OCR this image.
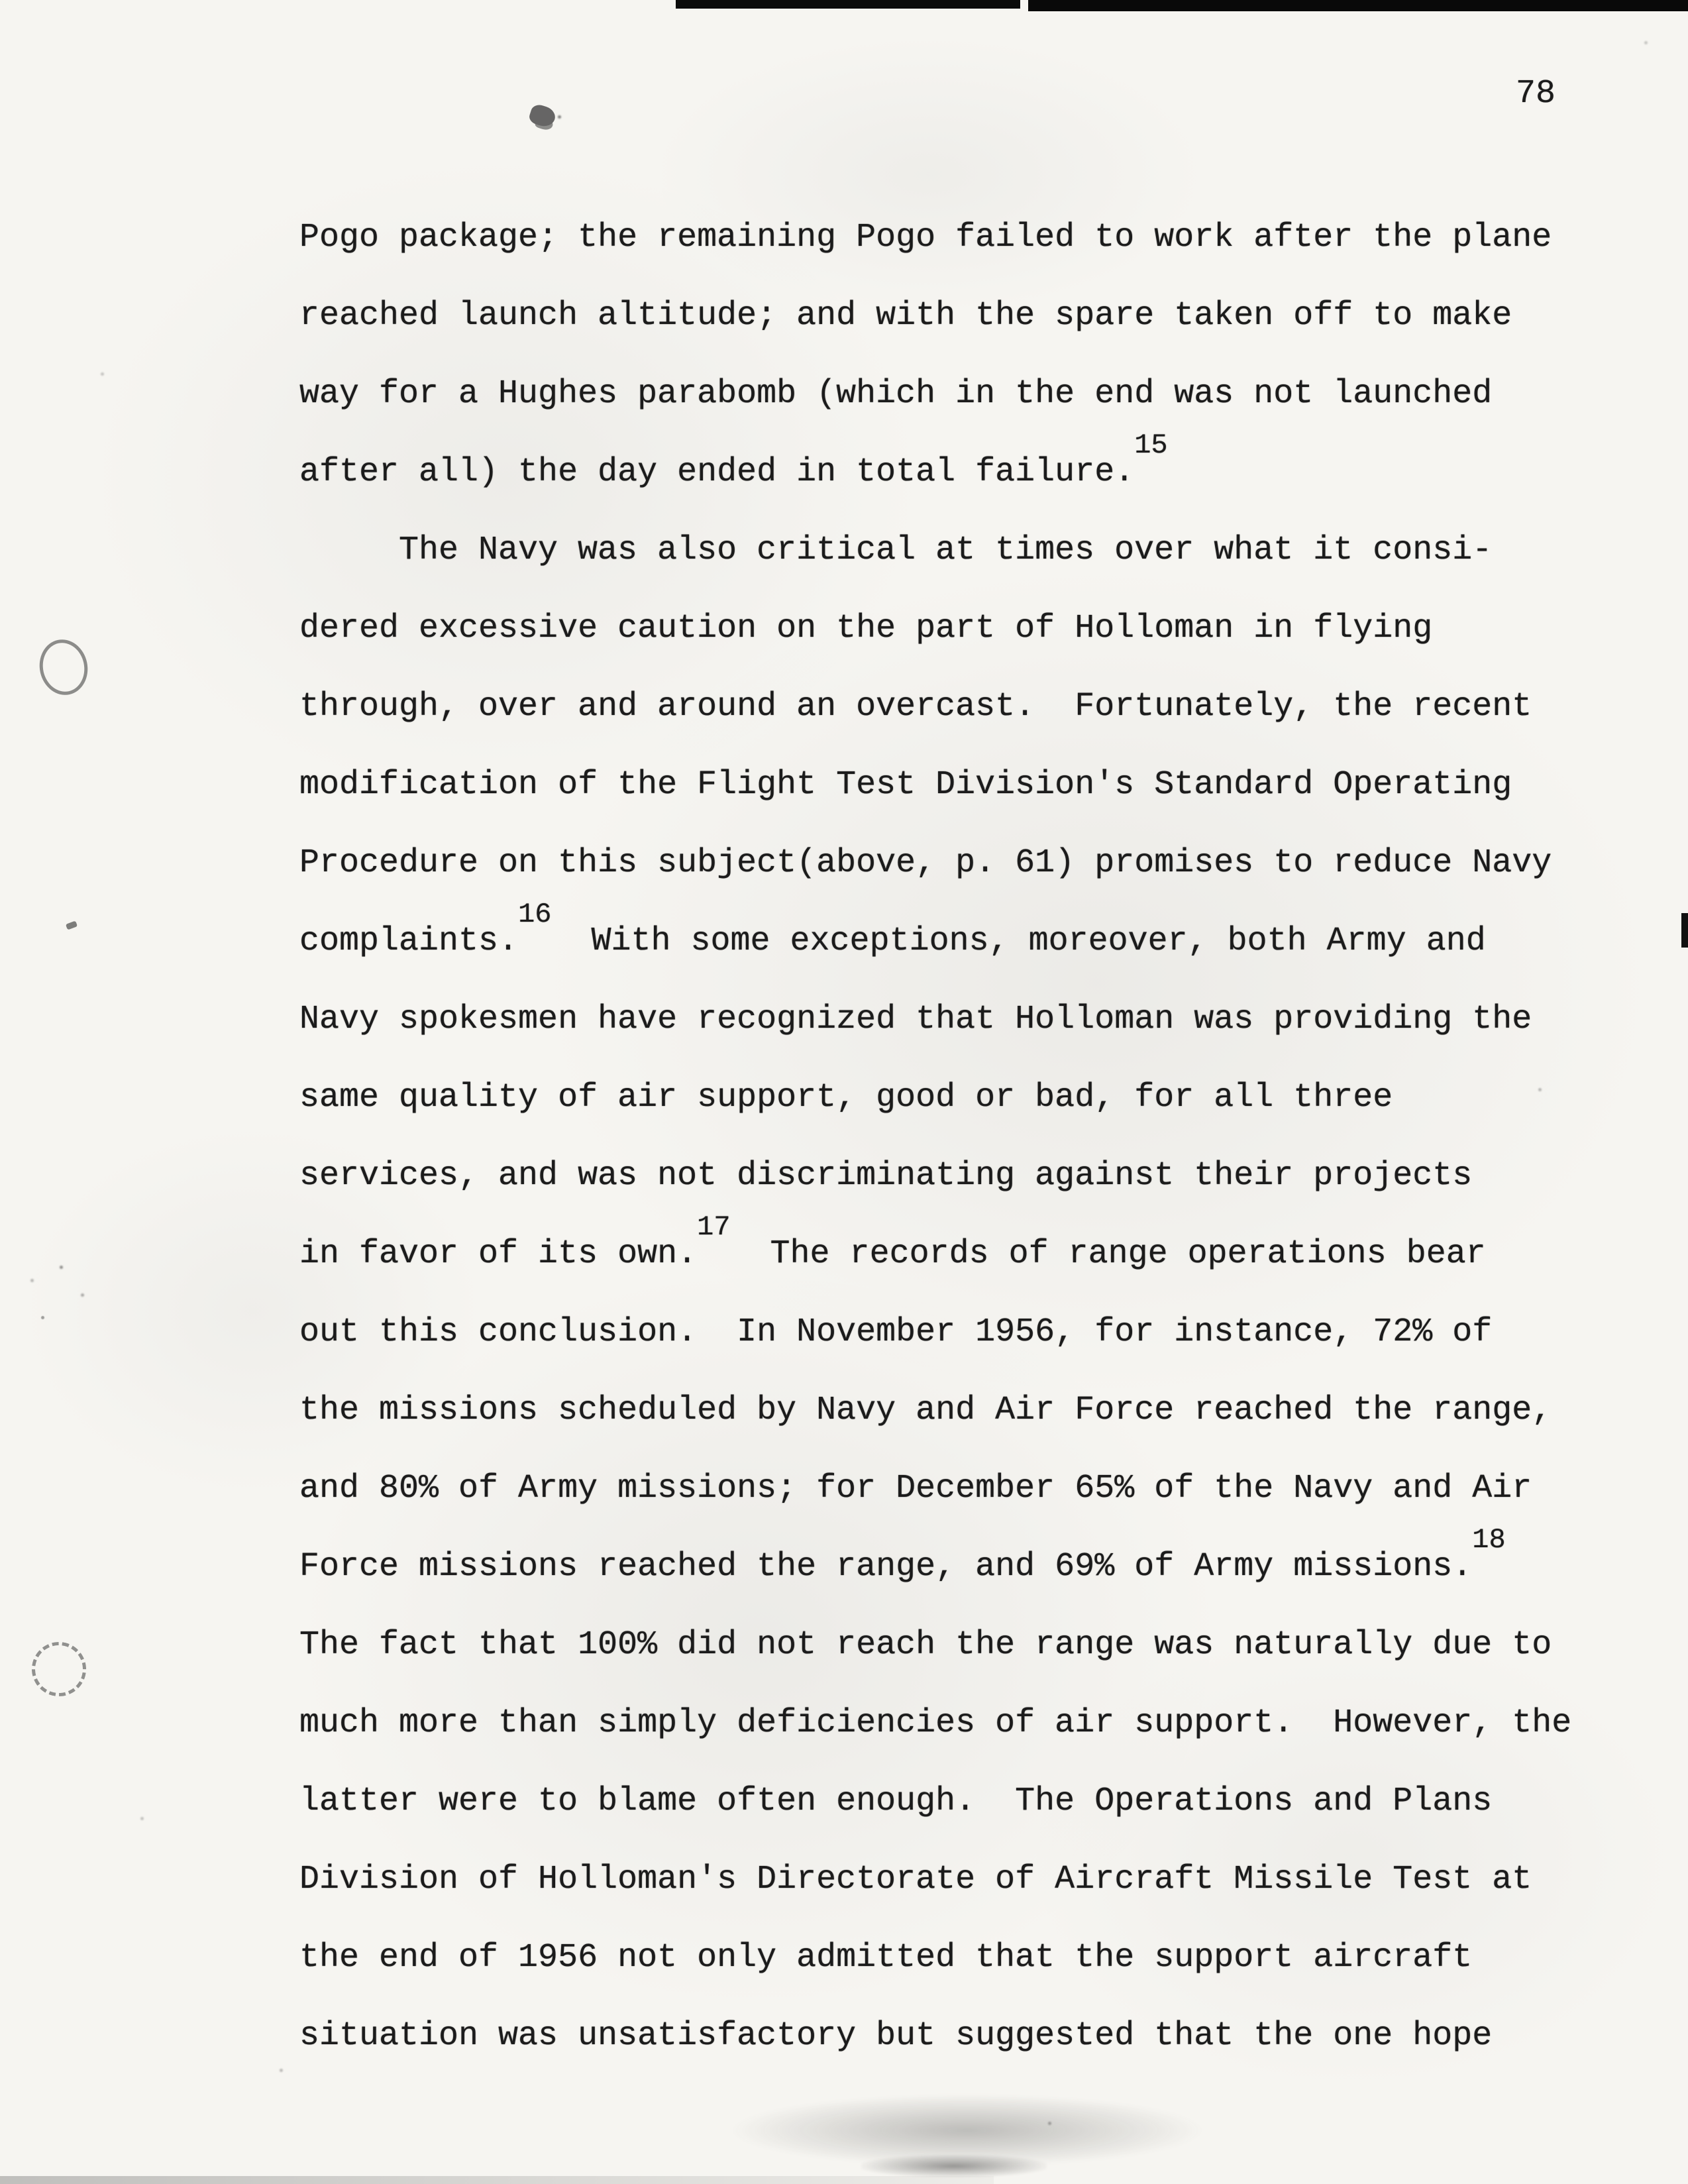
78
Pogo package; the remaining Pogo failed to work after the plane
reached launch altitude; and with the spare taken off to make
way for a Hughes parabomb (which in the end was not launched
after all) the day ended in total failure.$^{15}$
The Navy was also critical at times over what it consi-
dered excessive caution on the part of Holloman in flying
through, over and around an overcast.  Fortunately, the recent
modification of the Flight Test Division's Standard Operating
Procedure on this subject(above, p. 61) promises to reduce Navy
complaints.$^{16}$  With some exceptions, moreover, both Army and
Navy spokesmen have recognized that Holloman was providing the
same quality of air support, good or bad, for all three
services, and was not discriminating against their projects
in favor of its own.$^{17}$  The records of range operations bear
out this conclusion.  In November 1956, for instance, 72% of
the missions scheduled by Navy and Air Force reached the range,
and 80% of Army missions; for December 65% of the Navy and Air
Force missions reached the range, and 69% of Army missions.$^{18}$
The fact that 100% did not reach the range was naturally due to
much more than simply deficiencies of air support.  However, the
latter were to blame often enough.  The Operations and Plans
Division of Holloman's Directorate of Aircraft Missile Test at
the end of 1956 not only admitted that the support aircraft
situation was unsatisfactory but suggested that the one hope
